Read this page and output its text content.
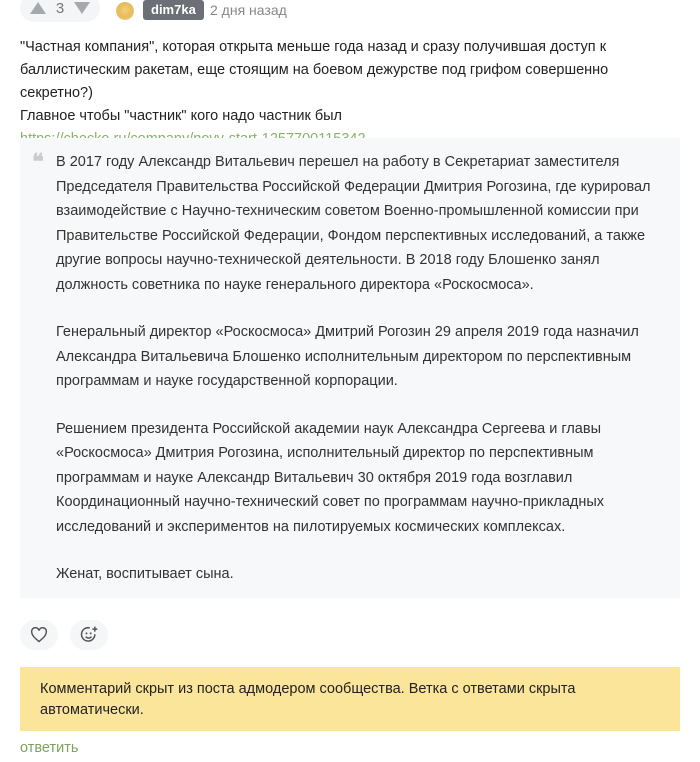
3	dim7ka	2 дня назад
"Частная компания", которая открыта меньше года назад и сразу получившая доступ к баллистическим ракетам, еще стоящим на боевом дежурстве под грифом совершенно секретно?)
Главное чтобы "частник" кого надо частник был
❝ В 2017 году Александр Витальевич перешел на работу в Секретариат заместителя Председателя Правительства Российской Федерации Дмитрия Рогозина, где курировал взаимодействие с Научно-техническим советом Военно-промышленной комиссии при Правительстве Российской Федерации, Фондом перспективных исследований, а также другие вопросы научно-технической деятельности. В 2018 году Блошенко занял должность советника по науке генерального директора «Роскосмоса».

Генеральный директор «Роскосмоса» Дмитрий Рогозин 29 апреля 2019 года назначил Александра Витальевича Блошенко исполнительным директором по перспективным программам и науке государственной корпорации.

Решением президента Российской академии наук Александра Сергеева и главы «Роскосмоса» Дмитрия Рогозина, исполнительный директор по перспективным программам и науке Александр Витальевич 30 октября 2019 года возглавил Координационный научно-технический совет по программам научно-прикладных исследований и экспериментов на пилотируемых космических комплексах.

Женат, воспитывает сына.

Комментарий скрыт из поста адмодером сообщества. Ветка с ответами скрыта автоматически.
ответить
